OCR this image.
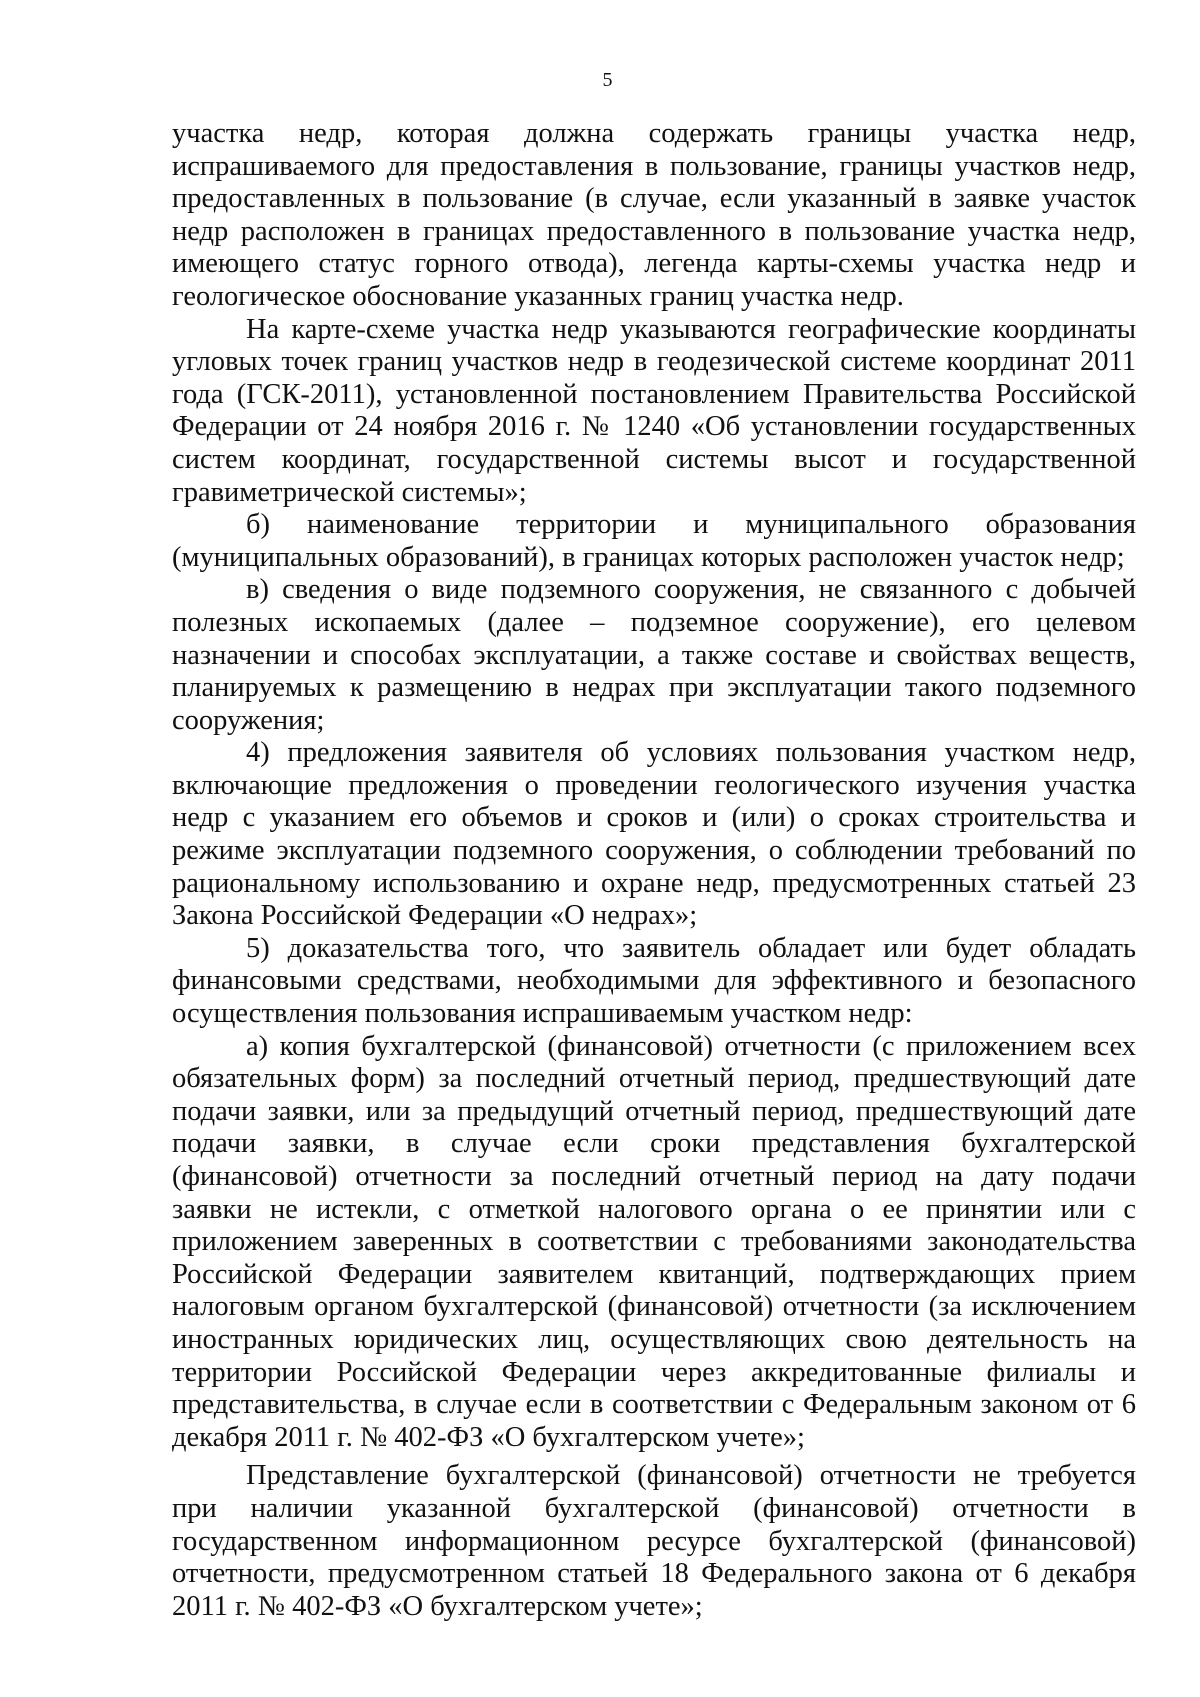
5

участка недр, которая должна содержать границы участка недр, испрашиваемого для предоставления в пользование, границы участков недр, предоставленных в пользование (в случае, если указанный в заявке участок недр расположен в границах предоставленного в пользование участка недр, имеющего статус горного отвода), легенда карты-схемы участка недр и геологическое обоснование указанных границ участка недр.

На карте-схеме участка недр указываются географические координаты угловых точек границ участков недр в геодезической системе координат 2011 года (ГСК-2011), установленной постановлением Правительства Российской Федерации от 24 ноября 2016 г. № 1240 «Об установлении государственных систем координат, государственной системы высот и государственной гравиметрической системы»;

б) наименование территории и муниципального образования (муниципальных образований), в границах которых расположен участок недр;

в) сведения о виде подземного сооружения, не связанного с добычей полезных ископаемых (далее – подземное сооружение), его целевом назначении и способах эксплуатации, а также составе и свойствах веществ, планируемых к размещению в недрах при эксплуатации такого подземного сооружения;

4) предложения заявителя об условиях пользования участком недр, включающие предложения о проведении геологического изучения участка недр с указанием его объемов и сроков и (или) о сроках строительства и режиме эксплуатации подземного сооружения, о соблюдении требований по рациональному использованию и охране недр, предусмотренных статьей 23 Закона Российской Федерации «О недрах»;

5) доказательства того, что заявитель обладает или будет обладать финансовыми средствами, необходимыми для эффективного и безопасного осуществления пользования испрашиваемым участком недр:

а) копия бухгалтерской (финансовой) отчетности (с приложением всех обязательных форм) за последний отчетный период, предшествующий дате подачи заявки, или за предыдущий отчетный период, предшествующий дате подачи заявки, в случае если сроки представления бухгалтерской (финансовой) отчетности за последний отчетный период на дату подачи заявки не истекли, с отметкой налогового органа о ее принятии или с приложением заверенных в соответствии с требованиями законодательства Российской Федерации заявителем квитанций, подтверждающих прием налоговым органом бухгалтерской (финансовой) отчетности (за исключением иностранных юридических лиц, осуществляющих свою деятельность на территории Российской Федерации через аккредитованные филиалы и представительства, в случае если в соответствии с Федеральным законом от 6 декабря 2011 г. № 402-ФЗ «О бухгалтерском учете»;

Представление бухгалтерской (финансовой) отчетности не требуется при наличии указанной бухгалтерской (финансовой) отчетности в государственном информационном ресурсе бухгалтерской (финансовой) отчетности, предусмотренном статьей 18 Федерального закона от 6 декабря 2011 г. № 402-ФЗ «О бухгалтерском учете»;
